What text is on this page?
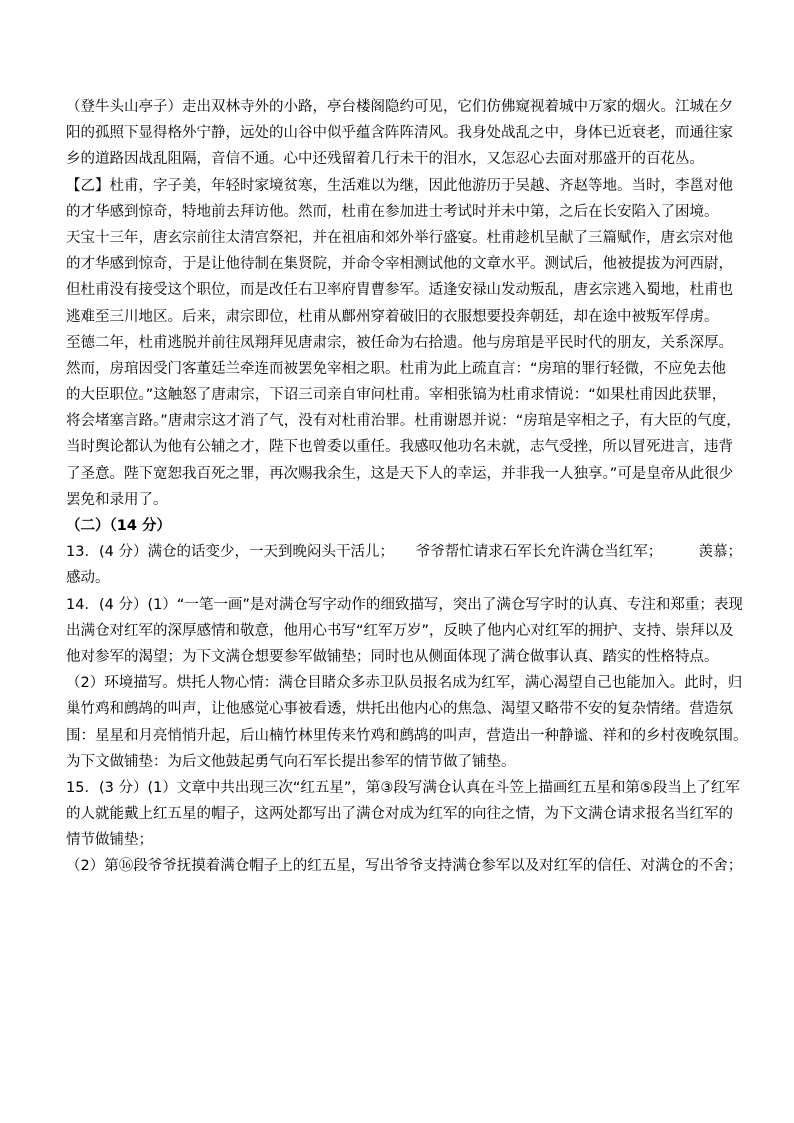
（登牛头山亭子）走出双林寺外的小路，亭台楼阁隐约可见，它们仿佛窥视着城中万家的烟火。江城在夕
阳的孤照下显得格外宁静，远处的山谷中似乎蕴含阵阵清风。我身处战乱之中，身体已近衰老，而通往家
乡的道路因战乱阻隔，音信不通。心中还残留着几行未干的泪水，又怎忍心去面对那盛开的百花丛。
【乙】杜甫，字子美，年轻时家境贫寒，生活难以为继，因此他游历于吴越、齐赵等地。当时，李邕对他
的才华感到惊奇，特地前去拜访他。然而，杜甫在参加进士考试时并未中第，之后在长安陷入了困境。
天宝十三年，唐玄宗前往太清宫祭祀，并在祖庙和郊外举行盛宴。杜甫趁机呈献了三篇赋作，唐玄宗对他
的才华感到惊奇，于是让他待制在集贤院，并命令宰相测试他的文章水平。测试后，他被提拔为河西尉，
但杜甫没有接受这个职位，而是改任右卫率府胄曹参军。适逢安禄山发动叛乱，唐玄宗逃入蜀地，杜甫也
逃难至三川地区。后来，肃宗即位，杜甫从鄜州穿着破旧的衣服想要投奔朝廷，却在途中被叛军俘虏。
至德二年，杜甫逃脱并前往凤翔拜见唐肃宗，被任命为右拾遗。他与房琯是平民时代的朋友，关系深厚。
然而，房琯因受门客董廷兰牵连而被罢免宰相之职。杜甫为此上疏直言：“房琯的罪行轻微，不应免去他
的大臣职位。”这触怒了唐肃宗，下诏三司亲自审问杜甫。宰相张镐为杜甫求情说：“如果杜甫因此获罪，
将会堵塞言路。”唐肃宗这才消了气，没有对杜甫治罪。杜甫谢恩并说：“房琯是宰相之子，有大臣的气度，
当时舆论都认为他有公辅之才，陛下也曾委以重任。我感叹他功名未就，志气受挫，所以冒死进言，违背
了圣意。陛下宽恕我百死之罪，再次赐我余生，这是天下人的幸运，并非我一人独享。”可是皇帝从此很少
罢免和录用了。
（二）（14 分）
13．(4 分）满仓的话变少，一天到晚闷头干活儿；　　爷爷帮忙请求石军长允许满仓当红军；　　　羡慕；
感动。
14．(4 分）(1）“一笔一画”是对满仓写字动作的细致描写，突出了满仓写字时的认真、专注和郑重；表现
出满仓对红军的深厚感情和敬意，他用心书写“红军万岁”，反映了他内心对红军的拥护、支持、崇拜以及
他对参军的渴望；为下文满仓想要参军做铺垫；同时也从侧面体现了满仓做事认真、踏实的性格特点。
（2）环境描写。烘托人物心情：满仓目睹众多赤卫队员报名成为红军，满心渴望自己也能加入。此时，归
巢竹鸡和鹧鸪的叫声，让他感觉心事被看透，烘托出他内心的焦急、渴望又略带不安的复杂情绪。营造氛
围：星星和月亮悄悄升起，后山楠竹林里传来竹鸡和鹧鸪的叫声，营造出一种静谧、祥和的乡村夜晚氛围。
为下文做铺垫：为后文他鼓起勇气向石军长提出参军的情节做了铺垫。
15．(3 分）(1）文章中共出现三次“红五星”，第③段写满仓认真在斗笠上描画红五星和第⑤段当上了红军
的人就能戴上红五星的帽子，这两处都写出了满仓对成为红军的向往之情，为下文满仓请求报名当红军的
情节做铺垫；
（2）第⑯段爷爷抚摸着满仓帽子上的红五星，写出爷爷支持满仓参军以及对红军的信任、对满仓的不舍；
